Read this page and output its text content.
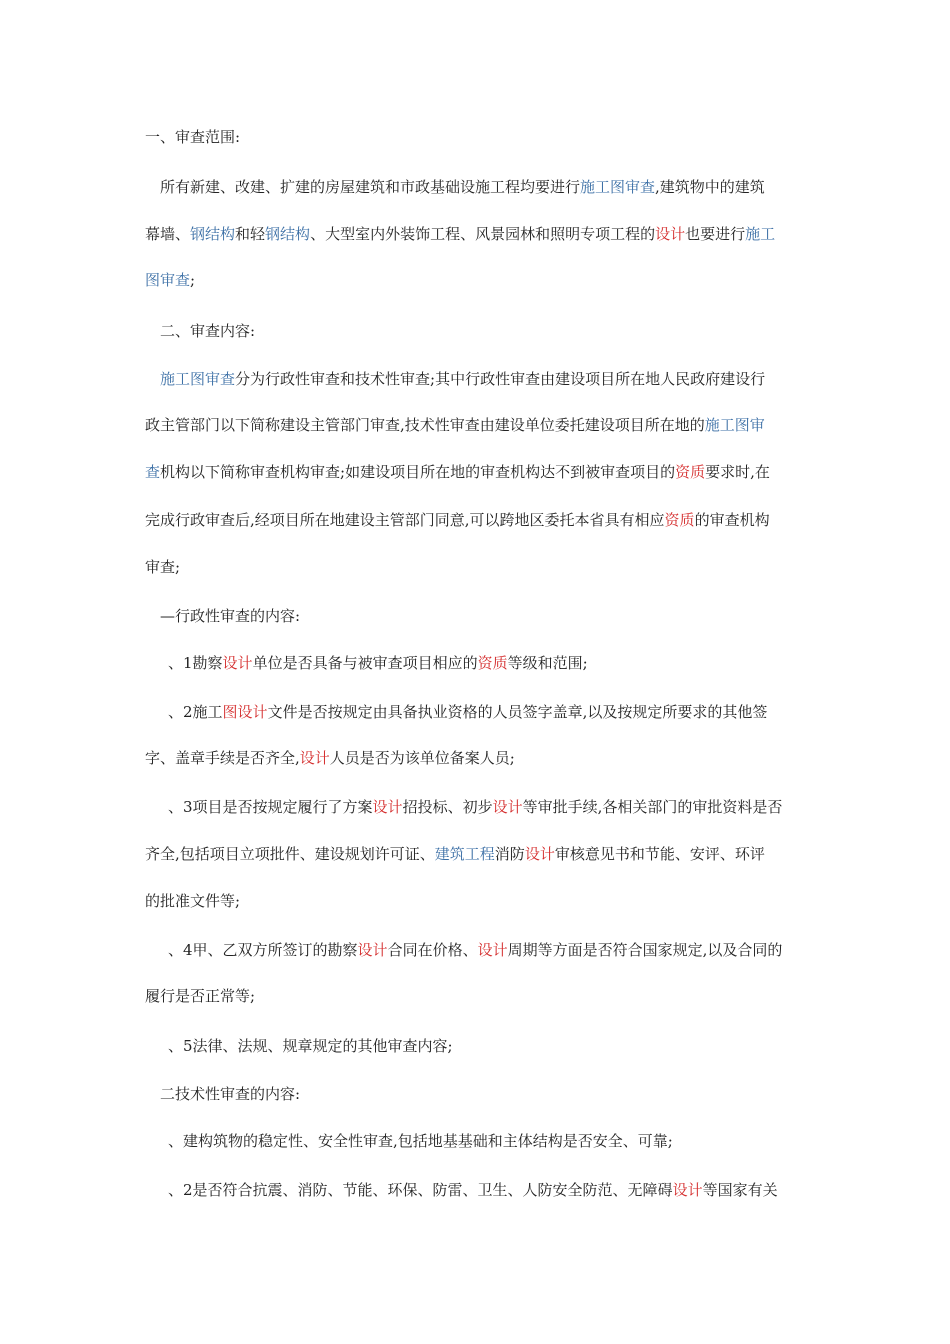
一、审查范围:
所有新建、改建、扩建的房屋建筑和市政基础设施工程均要进行施工图审查,建筑物中的建筑
幕墙、钢结构和轻钢结构、大型室内外装饰工程、风景园林和照明专项工程的设计也要进行施工
图审查;
二、审查内容:
施工图审查分为行政性审查和技术性审查;其中行政性审查由建设项目所在地人民政府建设行
政主管部门以下简称建设主管部门审查,技术性审查由建设单位委托建设项目所在地的施工图审
查机构以下简称审查机构审查;如建设项目所在地的审查机构达不到被审查项目的资质要求时,在
完成行政审查后,经项目所在地建设主管部门同意,可以跨地区委托本省具有相应资质的审查机构
审查;
—行政性审查的内容:
、1勘察设计单位是否具备与被审查项目相应的资质等级和范围;
、2施工图设计文件是否按规定由具备执业资格的人员签字盖章,以及按规定所要求的其他签
字、盖章手续是否齐全,设计人员是否为该单位备案人员;
、3项目是否按规定履行了方案设计招投标、初步设计等审批手续,各相关部门的审批资料是否
齐全,包括项目立项批件、建设规划许可证、建筑工程消防设计审核意见书和节能、安评、环评
的批准文件等;
、4甲、乙双方所签订的勘察设计合同在价格、设计周期等方面是否符合国家规定,以及合同的
履行是否正常等;
、5法律、法规、规章规定的其他审查内容;
二技术性审查的内容:
、建构筑物的稳定性、安全性审查,包括地基基础和主体结构是否安全、可靠;
、2是否符合抗震、消防、节能、环保、防雷、卫生、人防安全防范、无障碍设计等国家有关
